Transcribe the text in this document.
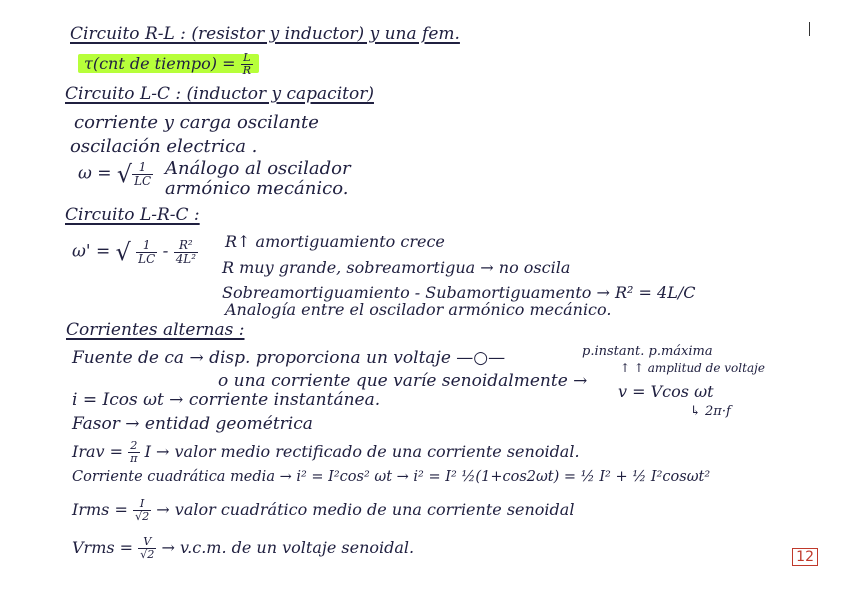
Circuito R-L : (resistor y inductor) y una fem.
τ(cnt de tiempo) = $\frac{L}{R}$
Circuito L-C : (inductor y capacitor)
corriente y carga oscilante
oscilación electrica .
ω = √ $\frac{1}{LC}$ Análogo al oscilador
armónico mecánico.
Circuito L-R-C :
ω' = √ $\frac{1}{LC} - \frac{\text{R²}}{\text{4L²}}$ R↑ amortiguamiento crece
R muy grande, sobreamortigua → no oscila
Sobreamortiguamiento - Subamortiguamento → R² = 4L/C
Analogía entre el oscilador armónico mecánico.
Corrientes alternas :
Fuente de ca → disp. proporciona un voltaje —○—	p.instant. p.máxima
o una corriente que varíe senoidalmente →
↑ ↑ amplitud de voltaje
v = Vcos ωt
i = Icos ωt → corriente instantánea.
↳ 2π·f
Fasor → entidad geométrica
Irav = $\frac{2}{\pi}$ I → valor medio rectificado de una corriente senoidal.
Corriente cuadrática media → i² = I²cos² ωt → i² = I² ½(1+cos2ωt) = ½ I² + ½ I²cosωt²
Irms = $\frac{I}{√2}$ → valor cuadrático medio de una corriente senoidal
Vrms = $\frac{V}{√2} \to v.c.m$. de un voltaje senoidal.
12
